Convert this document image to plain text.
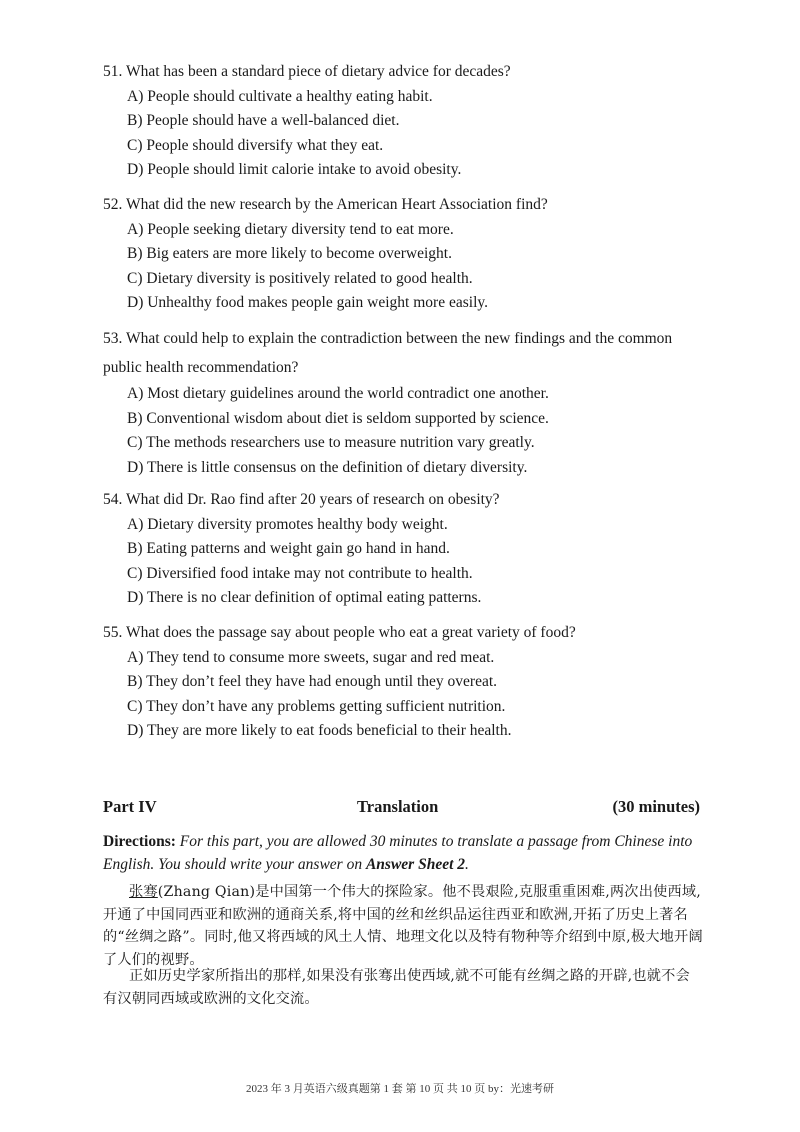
51. What has been a standard piece of dietary advice for decades?

A) People should cultivate a healthy eating habit.

B) People should have a well-balanced diet.

C) People should diversify what they eat.

D) People should limit calorie intake to avoid obesity.

52. What did the new research by the American Heart Association find?

A) People seeking dietary diversity tend to eat more.

B) Big eaters are more likely to become overweight.

C) Dietary diversity is positively related to good health.

D) Unhealthy food makes people gain weight more easily.

53. What could help to explain the contradiction between the new findings and the common public health recommendation?

A) Most dietary guidelines around the world contradict one another.

B) Conventional wisdom about diet is seldom supported by science.

C) The methods researchers use to measure nutrition vary greatly.

D) There is little consensus on the definition of dietary diversity.

54. What did Dr. Rao find after 20 years of research on obesity?

A) Dietary diversity promotes healthy body weight.

B) Eating patterns and weight gain go hand in hand.

C) Diversified food intake may not contribute to health.

D) There is no clear definition of optimal eating patterns.

55. What does the passage say about people who eat a great variety of food?

A) They tend to consume more sweets, sugar and red meat.

B) They don’t feel they have had enough until they overeat.

C) They don’t have any problems getting sufficient nutrition.

D) They are more likely to eat foods beneficial to their health.

Part IV	Translation	(30 minutes)
Directions: For this part, you are allowed 30 minutes to translate a passage from Chinese into English. You should write your answer on Answer Sheet 2.

张骞(Zhang Qian)是中国第一个伟大的探险家。他不畏艰险,克服重重困难,两次出使西域,开通了中国同西亚和欧洲的通商关系,将中国的丝和丝织品运往西亚和欧洲,开拓了历史上著名的“丝绸之路”。同时,他又将西域的风土人情、地理文化以及特有物种等介绍到中原,极大地开阔了人们的视野。

正如历史学家所指出的那样,如果没有张骞出使西域,就不可能有丝绸之路的开辟,也就不会有汉朝同西域或欧洲的文化交流。

2023 年 3 月英语六级真题第 1 套 第 10 页 共 10 页 by：光速考研
